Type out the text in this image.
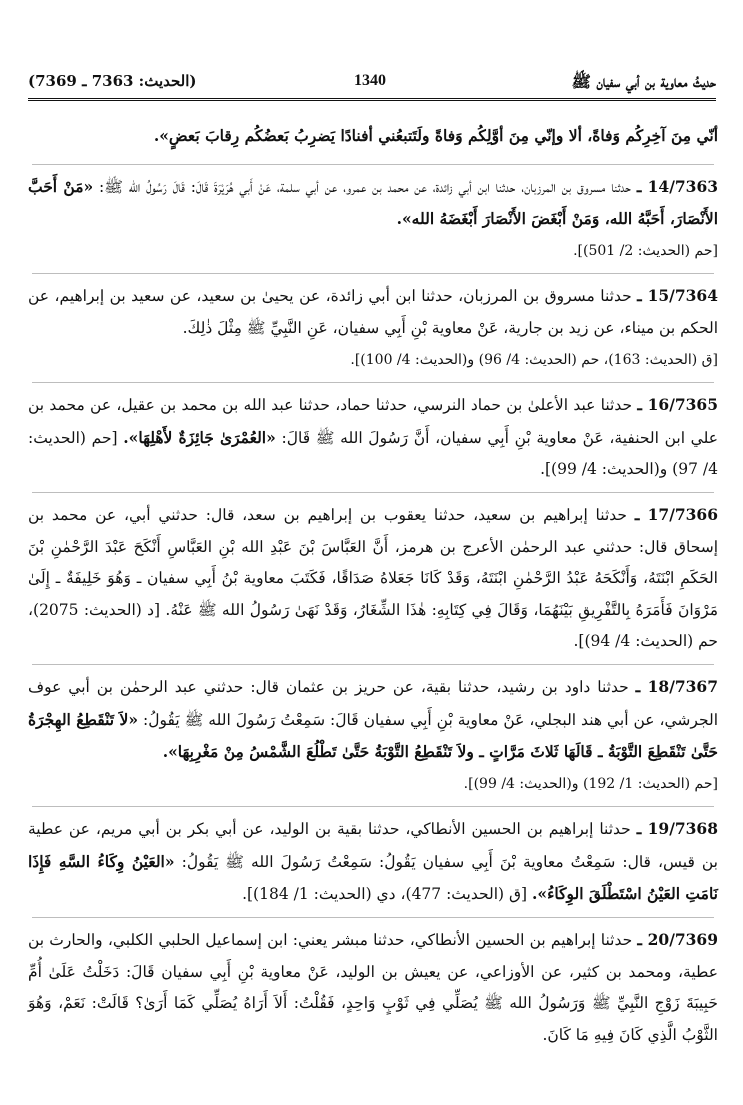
حديثُ معاوية بن أبي سفيان ﷺ
1340
(الحديث: 7363 ـ 7369)

أنّي مِنَ آخِرِكُم وَفاةً، ألا وإنّي مِنَ أوَّلِكُم وَفاةً ولَتَتبعُني أفنادًا يَضرِبُ بَعضُكُم رِقابَ بَعضٍ».

14/7363 ـ حدثنا مسروق بن المرزبان، حدثنا ابن أبي زائدة، عن محمد بن عمرو، عن أبي سلمة، عَنْ أَبي هُرَيْرَةَ قَالَ: قَالَ رَسُولُ الله ﷺ: «مَنْ أَحَبَّ الأَنْصَارَ، أَحَبَّهُ الله، وَمَنْ أَبْغَضَ الأَنْصَارَ أَبْغَضَهُ الله».
[حم (الحديث: 2/ 501)].

15/7364 ـ حدثنا مسروق بن المرزبان، حدثنا ابن أبي زائدة، عن يحيىٰ بن سعيد، عن سعيد بن إبراهيم، عن الحكم بن ميناء، عن زيد بن جارية، عَنْ معاوية بْنِ أَبِي سفيان، عَنِ النَّبِيِّ ﷺ مِثْلَ ذٰلِكَ.
[ق (الحديث: 163)، حم (الحديث: 4/ 96) و(الحديث: 4/ 100)].

16/7365 ـ حدثنا عبد الأعلىٰ بن حماد النرسي، حدثنا حماد، حدثنا عبد الله بن محمد بن عقيل، عن محمد بن علي ابن الحنفية، عَنْ معاوية بْنِ أَبِي سفيان، أَنَّ رَسُولَ الله ﷺ قَالَ: «العُمْرَىٰ جَائِزَةٌ لأَهْلِهَا». [حم (الحديث: 4/ 97) و(الحديث: 4/ 99)].

17/7366 ـ حدثنا إبراهيم بن سعيد، حدثنا يعقوب بن إبراهيم بن سعد، قال: حدثني أبي، عن محمد بن إسحاق قال: حدثني عبد الرحمٰن الأعرج بن هرمز، أَنَّ العَبَّاسَ بْنَ عَبْدِ الله بْنِ العَبَّاسِ أَنْكَحَ عَبْدَ الرَّحْمٰنِ بْنَ الحَكَمِ ابْنَتَهُ، وَأَنْكَحَهُ عَبْدُ الرَّحْمٰنِ ابْنَتَهُ، وَقَدْ كَانَا جَعَلاهُ صَدَاقًا، فَكَتَبَ معاوية بْنُ أَبِي سفيان ـ وَهُوَ خَلِيفَةٌ ـ إِلَىٰ مَرْوَانَ فَأَمَرَهُ بِالتَّفْرِيقِ بَيْنَهُمَا، وَقَالَ فِي كِتَابِهِ: هٰذَا الشِّغَارُ، وَقَدْ نَهَىٰ رَسُولُ الله ﷺ عَنْهُ. [د (الحديث: 2075)، حم (الحديث: 4/ 94)].

18/7367 ـ حدثنا داود بن رشيد، حدثنا بقية، عن حريز بن عثمان قال: حدثني عبد الرحمٰن بن أبي عوف الجرشي، عن أبي هند البجلي، عَنْ معاوية بْنِ أَبِي سفيان قَالَ: سَمِعْتُ رَسُولَ الله ﷺ يَقُولُ: «لاَ تَنْقَطِعُ الهِجْرَةُ حَتَّىٰ تَنْقَطِعَ التَّوْبَةُ ـ قَالَهَا ثَلاثَ مَرَّاتٍ ـ ولاَ تَنْقَطِعُ التَّوْبَةُ حَتَّىٰ تَطْلُعَ الشَّمْسُ مِنْ مَغْرِبِهَا».
[حم (الحديث: 1/ 192) و(الحديث: 4/ 99)].

19/7368 ـ حدثنا إبراهيم بن الحسين الأنطاكي، حدثنا بقية بن الوليد، عن أبي بكر بن أبي مريم، عن عطية بن قيس، قال: سَمِعْتُ معاوية بْنَ أَبِي سفيان يَقُولُ: سَمِعْتُ رَسُولَ الله ﷺ يَقُولُ: «العَيْنُ وِكَاءُ السَّهِ فَإِذَا نَامَتِ العَيْنُ اسْتَطْلَقَ الوِكَاءُ». [ق (الحديث: 477)، دي (الحديث: 1/ 184)].

20/7369 ـ حدثنا إبراهيم بن الحسين الأنطاكي، حدثنا مبشر يعني: ابن إسماعيل الحلبي الكلبي، والحارث بن عطية، ومحمد بن كثير، عن الأوزاعي، عن يعيش بن الوليد، عَنْ معاوية بْنِ أَبِي سفيان قَالَ: دَخَلْتُ عَلَىٰ أُمِّ حَبِيبَةَ زَوْجِ النَّبِيِّ ﷺ وَرَسُولُ الله ﷺ يُصَلِّي فِي ثَوْبٍ وَاحِدٍ، فَقُلْتُ: أَلاَ أَرَاهُ يُصَلِّي كَمَا أَرَىٰ؟ قَالَتْ: نَعَمْ، وَهُوَ الثَّوْبُ الَّذِي كَانَ فِيهِ مَا كَانَ.
